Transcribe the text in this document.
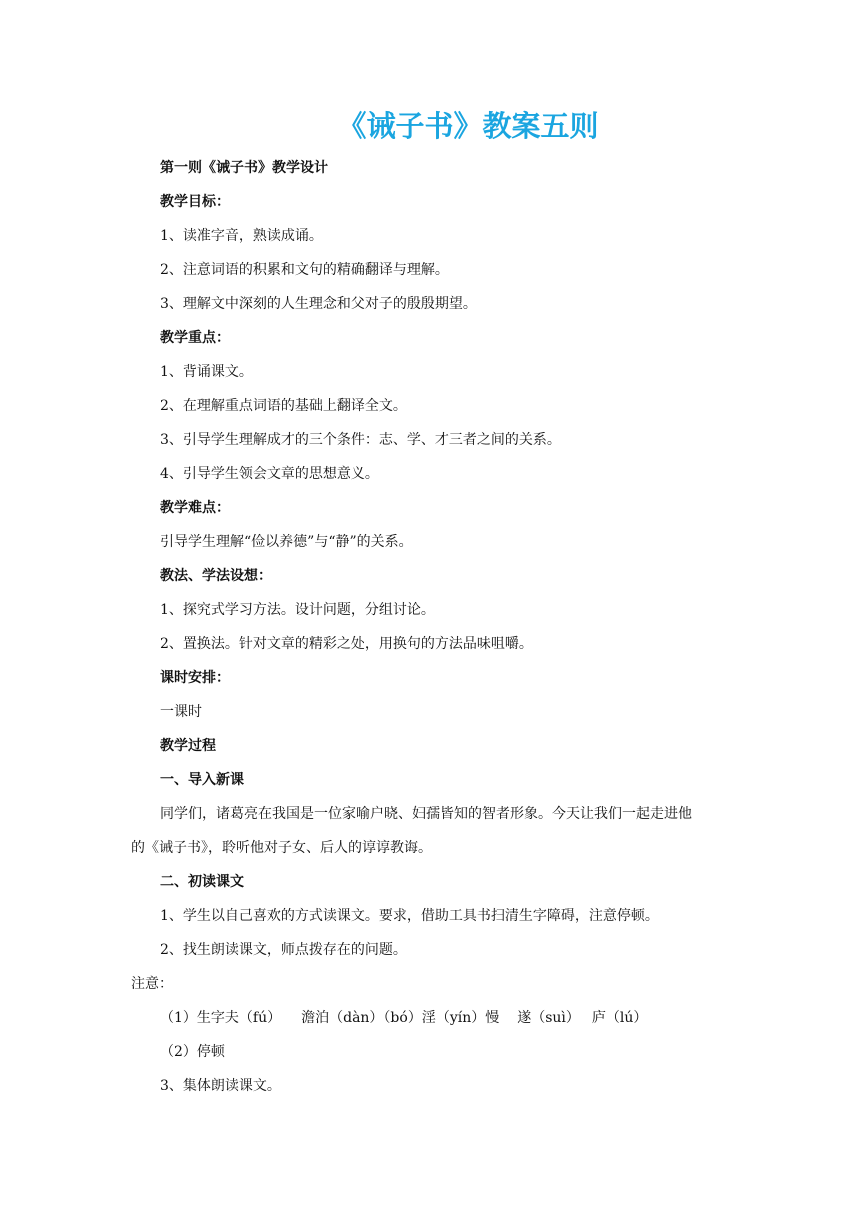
《诫子书》教案五则
第一则《诫子书》教学设计
教学目标：
1、读准字音，熟读成诵。
2、注意词语的积累和文句的精确翻译与理解。
3、理解文中深刻的人生理念和父对子的殷殷期望。
教学重点：
1、背诵课文。
2、在理解重点词语的基础上翻译全文。
3、引导学生理解成才的三个条件：志、学、才三者之间的关系。
4、引导学生领会文章的思想意义。
教学难点：
引导学生理解“俭以养德”与“静”的关系。
教法、学法设想：
1、探究式学习方法。设计问题，分组讨论。
2、置换法。针对文章的精彩之处，用换句的方法品味咀嚼。
课时安排：
一课时
教学过程
一、导入新课
同学们，诸葛亮在我国是一位家喻户晓、妇孺皆知的智者形象。今天让我们一起走进他
的《诫子书》，聆听他对子女、后人的谆谆教诲。
二、初读课文
1、学生以自己喜欢的方式读课文。要求，借助工具书扫清生字障碍，注意停顿。
2、找生朗读课文，师点拨存在的问题。
注意：
（1）生字夫（fú） 澹泊（dàn）（bó）淫（yín）慢 遂（suì） 庐（lú）
（2）停顿
3、集体朗读课文。
